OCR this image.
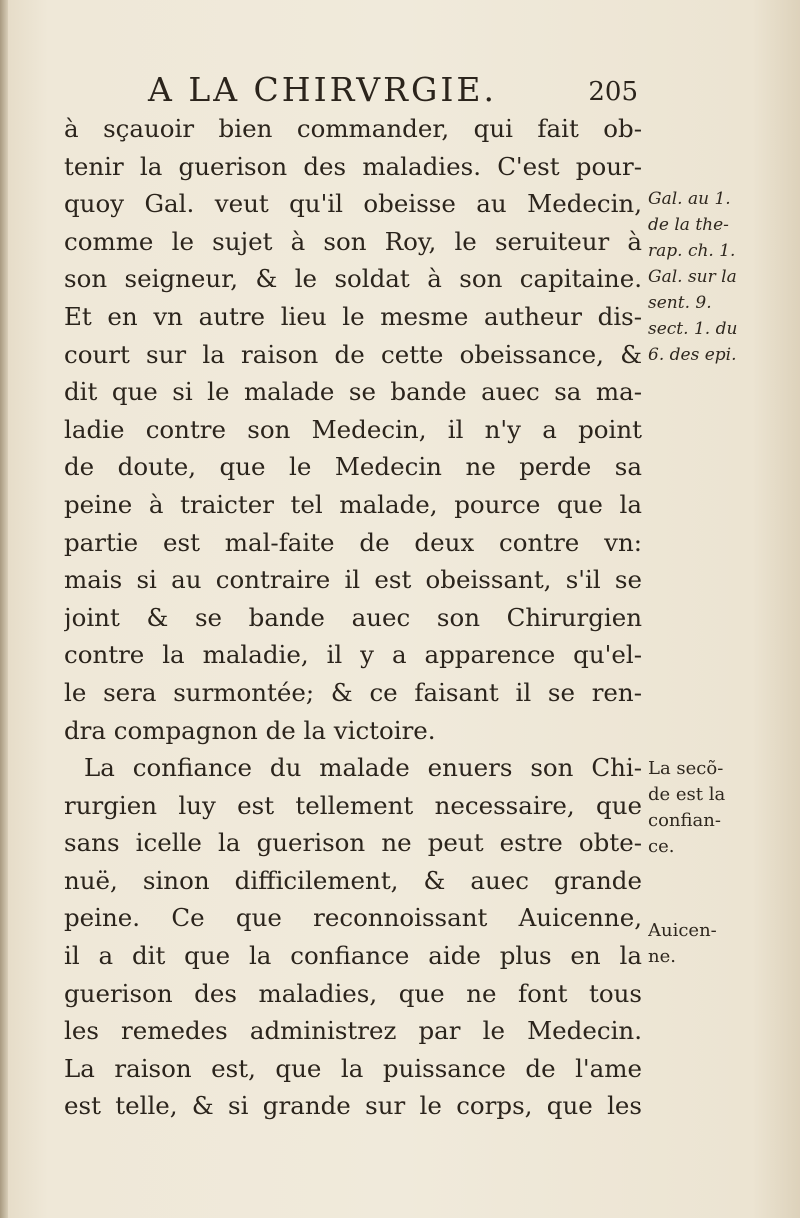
A LA CHIRVRGIE.	205
à sçauoir bien commander, qui fait ob-
tenir la guerison des maladies. C'est pour-
quoy Gal. veut qu'il obeisse au Medecin,
comme le sujet à son Roy, le seruiteur à
son seigneur, & le soldat à son capitaine.
Et en vn autre lieu le mesme autheur dis-
court sur la raison de cette obeissance, &
dit que si le malade se bande auec sa ma-
ladie contre son Medecin, il n'y a point
de doute, que le Medecin ne perde sa
peine à traicter tel malade, pource que la
partie est mal-faite de deux contre vn:
mais si au contraire il est obeissant, s'il se
joint & se bande auec son Chirurgien
contre la maladie, il y a apparence qu'el-
le sera surmontée; & ce faisant il se ren-
dra compagnon de la victoire.
La confiance du malade enuers son Chi-
rurgien luy est tellement necessaire, que
sans icelle la guerison ne peut estre obte-
nuë, sinon difficilement, & auec grande
peine. Ce que reconnoissant Auicenne,
il a dit que la confiance aide plus en la
guerison des maladies, que ne font tous
les remedes administrez par le Medecin.
La raison est, que la puissance de l'ame
est telle, & si grande sur le corps, que les
Gal. au 1.
de la the-
rap. ch. 1.
Gal. sur la
sent. 9.
sect. 1. du
6. des epi.
La secõ-
de est la
confian-
ce.
Auicen-
ne.
